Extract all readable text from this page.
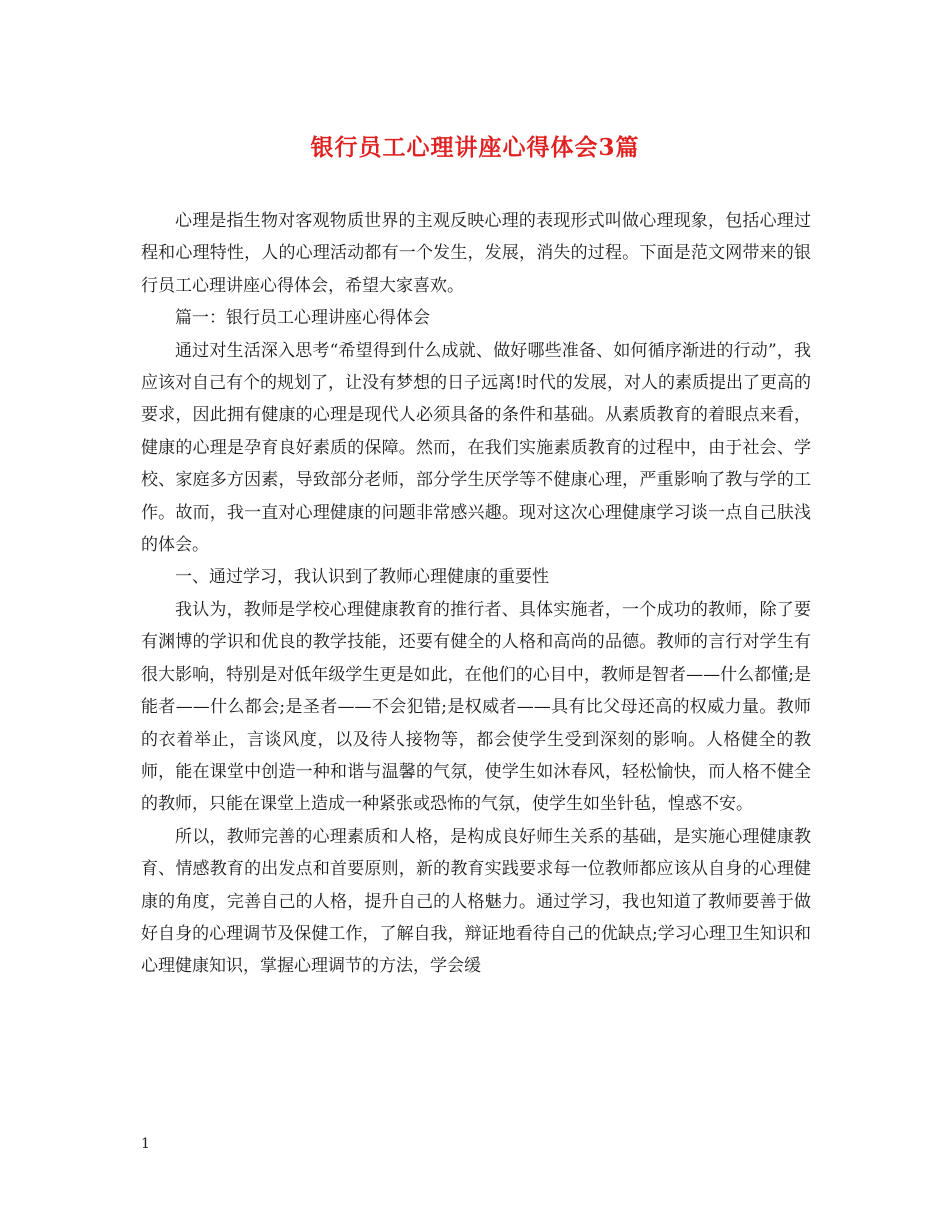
银行员工心理讲座心得体会3篇

心理是指生物对客观物质世界的主观反映心理的表现形式叫做心理现象，包括心理过程和心理特性，人的心理活动都有一个发生，发展，消失的过程。下面是范文网带来的银行员工心理讲座心得体会，希望大家喜欢。

篇一：银行员工心理讲座心得体会

通过对生活深入思考“希望得到什么成就、做好哪些准备、如何循序渐进的行动”，我应该对自己有个的规划了，让没有梦想的日子远离!时代的发展，对人的素质提出了更高的要求，因此拥有健康的心理是现代人必须具备的条件和基础。从素质教育的着眼点来看，健康的心理是孕育良好素质的保障。然而，在我们实施素质教育的过程中，由于社会、学校、家庭多方因素，导致部分老师，部分学生厌学等不健康心理，严重影响了教与学的工作。故而，我一直对心理健康的问题非常感兴趣。现对这次心理健康学习谈一点自己肤浅的体会。

一、通过学习，我认识到了教师心理健康的重要性

我认为，教师是学校心理健康教育的推行者、具体实施者，一个成功的教师，除了要有渊博的学识和优良的教学技能，还要有健全的人格和高尚的品德。教师的言行对学生有很大影响，特别是对低年级学生更是如此，在他们的心目中，教师是智者——什么都懂;是能者——什么都会;是圣者——不会犯错;是权威者——具有比父母还高的权威力量。教师的衣着举止，言谈风度，以及待人接物等，都会使学生受到深刻的影响。人格健全的教师，能在课堂中创造一种和谐与温馨的气氛，使学生如沐春风，轻松愉快，而人格不健全的教师，只能在课堂上造成一种紧张或恐怖的气氛，使学生如坐针毡，惶惑不安。

所以，教师完善的心理素质和人格，是构成良好师生关系的基础，是实施心理健康教育、情感教育的出发点和首要原则，新的教育实践要求每一位教师都应该从自身的心理健康的角度，完善自己的人格，提升自己的人格魅力。通过学习，我也知道了教师要善于做好自身的心理调节及保健工作，了解自我，辩证地看待自己的优缺点;学习心理卫生知识和心理健康知识，掌握心理调节的方法，学会缓

1
